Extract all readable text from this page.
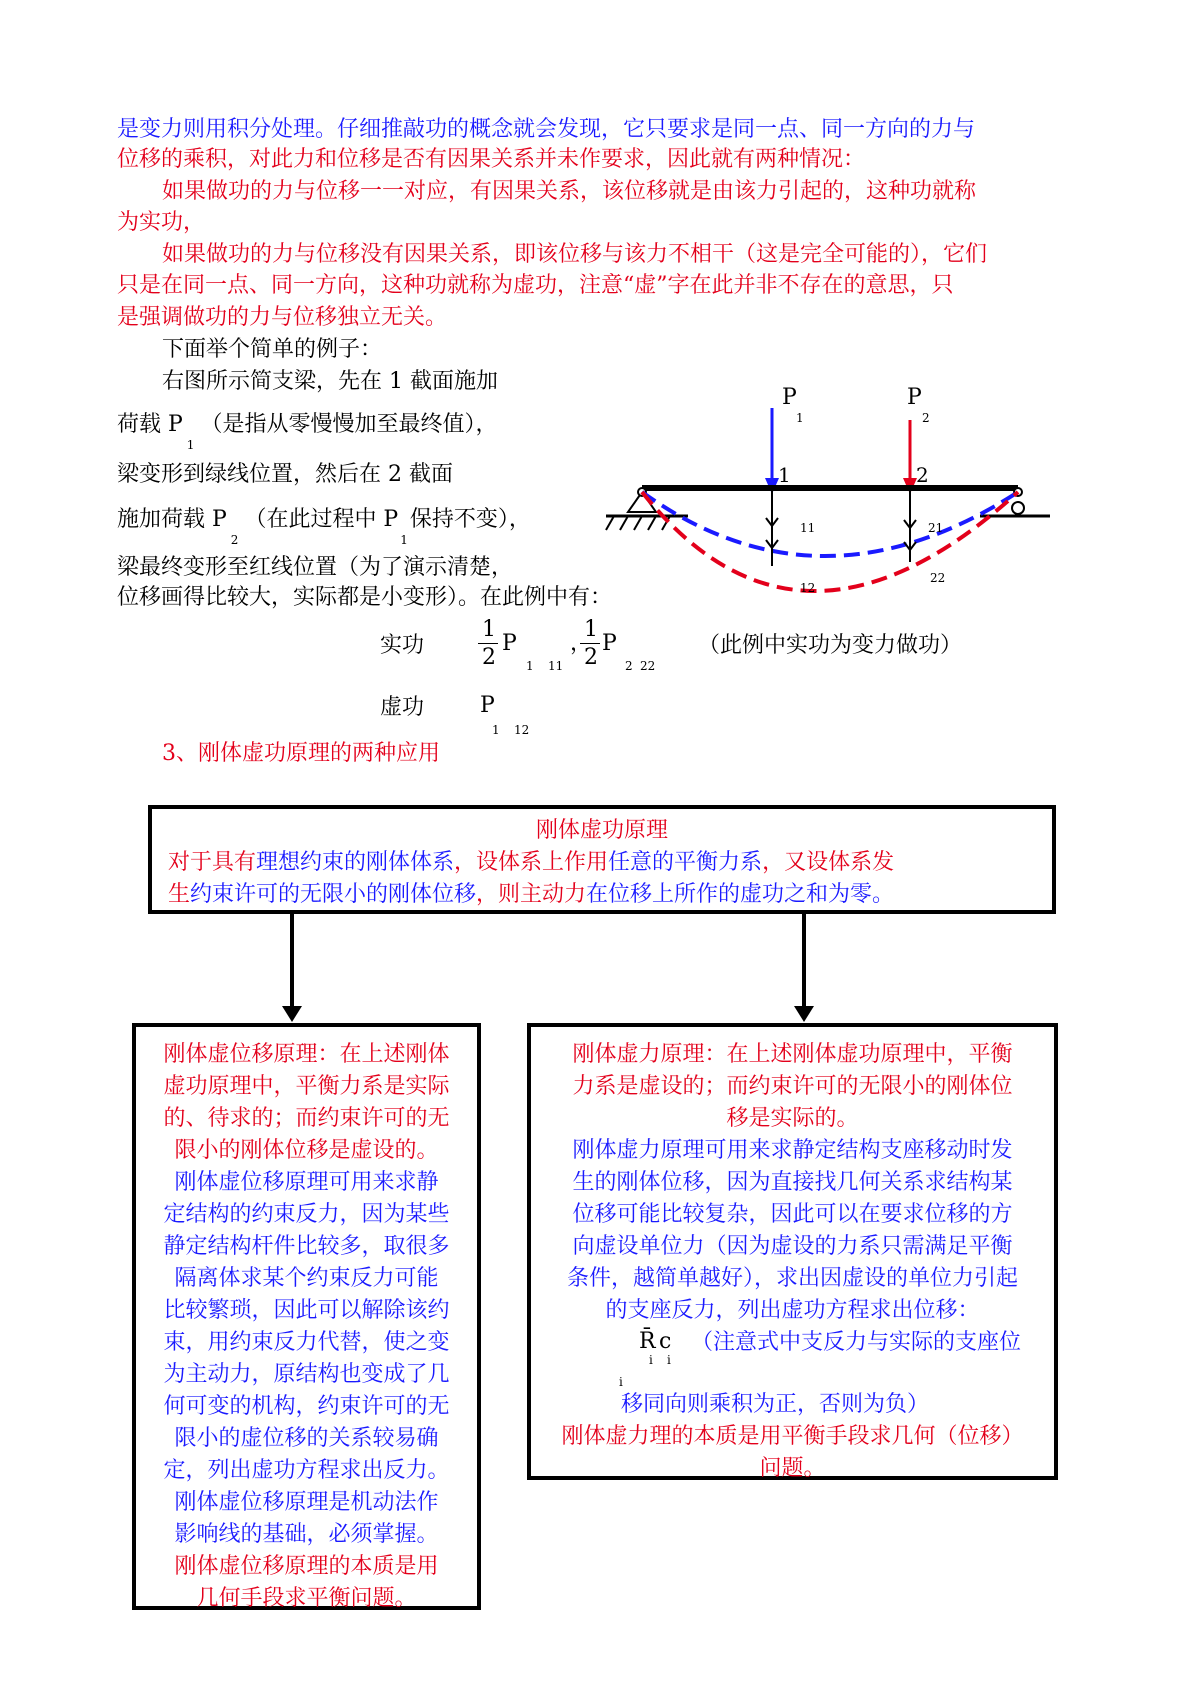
是变力则用积分处理。仔细推敲功的概念就会发现，它只要求是同一点、同一方向的力与
位移的乘积，对此力和位移是否有因果关系并未作要求，因此就有两种情况：
如果做功的力与位移一一对应，有因果关系，该位移就是由该力引起的，这种功就称
为实功，
如果做功的力与位移没有因果关系，即该位移与该力不相干（这是完全可能的），它们
只是在同一点、同一方向，这种功就称为虚功，注意“虚”字在此并非不存在的意思，只
是强调做功的力与位移独立无关。
下面举个简单的例子：
右图所示简支梁，先在 1 截面施加
荷载 P1（是指从零慢慢加至最终值），
梁变形到绿线位置，然后在 2 截面
施加荷载 P2（在此过程中 P1保持不变），
梁最终变形至红线位置（为了演示清楚，
位移画得比较大，实际都是小变形）。在此例中有：
实功
1
2
P
1 11
，
1
2
P
2 22
（此例中实功为变力做功）
虚功	P
1 12
3、刚体虚功原理的两种应用
P
1
P
2
1	2
11	21
12
22
刚体虚功原理
对于具有理想约束的刚体体系，设体系上作用任意的平衡力系，又设体系发
生约束许可的无限小的刚体位移，则主动力在位移上所作的虚功之和为零。
刚体虚位移原理：在上述刚体
虚功原理中，平衡力系是实际
的、待求的；而约束许可的无
限小的刚体位移是虚设的。
刚体虚位移原理可用来求静
定结构的约束反力，因为某些
静定结构杆件比较多，取很多
隔离体求某个约束反力可能
比较繁琐，因此可以解除该约
束，用约束反力代替，使之变
为主动力，原结构也变成了几
何可变的机构，约束许可的无
限小的虚位移的关系较易确
定，列出虚功方程求出反力。
刚体虚位移原理是机动法作
影响线的基础，必须掌握。
刚体虚位移原理的本质是用
几何手段求平衡问题。
刚体虚力原理：在上述刚体虚功原理中，平衡
力系是虚设的；而约束许可的无限小的刚体位
移是实际的。
刚体虚力原理可用来求静定结构支座移动时发
生的刚体位移，因为直接找几何关系求结构某
位移可能比较复杂，因此可以在要求位移的方
向虚设单位力（因为虚设的力系只需满足平衡
条件，越简单越好），求出因虚设的单位力引起
的支座反力，列出虚功方程求出位移：
R̄ c
i i
i
（注意式中支反力与实际的支座位
移同向则乘积为正，否则为负）
刚体虚力理的本质是用平衡手段求几何（位移）
问题。
